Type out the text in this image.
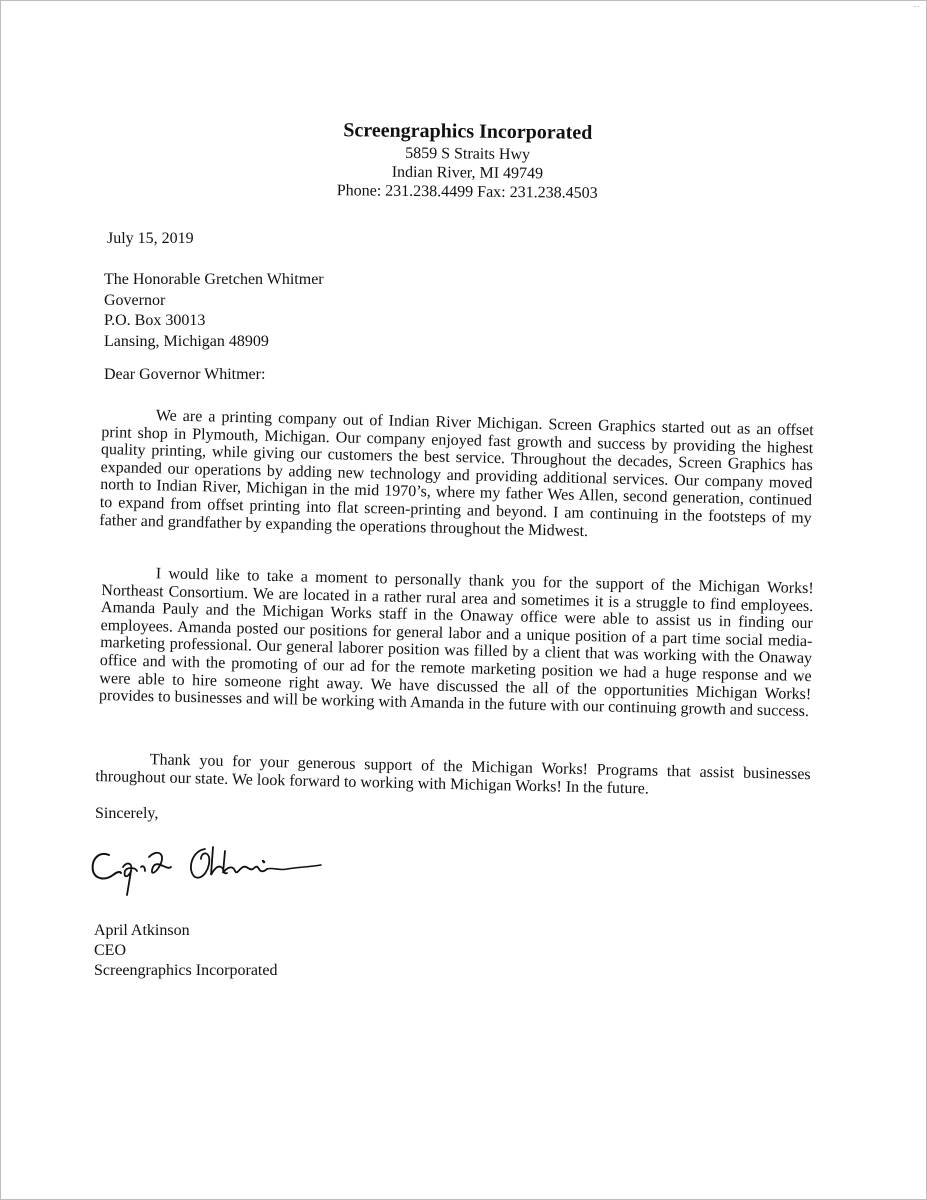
˙˙
Screengraphics Incorporated
5859 S Straits Hwy
Indian River, MI 49749
Phone: 231.238.4499 Fax: 231.238.4503
July 15, 2019
The Honorable Gretchen Whitmer
Governor
P.O. Box 30013
Lansing, Michigan 48909
Dear Governor Whitmer:
We are a printing company out of Indian River Michigan. Screen Graphics started out as an offset print shop in Plymouth, Michigan. Our company enjoyed fast growth and success by providing the highest quality printing, while giving our customers the best service. Throughout the decades, Screen Graphics has expanded our operations by adding new technology and providing additional services. Our company moved north to Indian River, Michigan in the mid 1970’s, where my father Wes Allen, second generation, continued to expand from offset printing into flat screen-printing and beyond. I am continuing in the footsteps of my father and grandfather by expanding the operations throughout the Midwest.
I would like to take a moment to personally thank you for the support of the Michigan Works! Northeast Consortium. We are located in a rather rural area and sometimes it is a struggle to find employees. Amanda Pauly and the Michigan Works staff in the Onaway office were able to assist us in finding our employees. Amanda posted our positions for general labor and a unique position of a part time social media-marketing professional. Our general laborer position was filled by a client that was working with the Onaway office and with the promoting of our ad for the remote marketing position we had a huge response and we were able to hire someone right away. We have discussed the all of the opportunities Michigan Works! provides to businesses and will be working with Amanda in the future with our continuing growth and success.
Thank you for your generous support of the Michigan Works! Programs that assist businesses throughout our state. We look forward to working with Michigan Works! In the future.
Sincerely,
April Atkinson
CEO
Screengraphics Incorporated
